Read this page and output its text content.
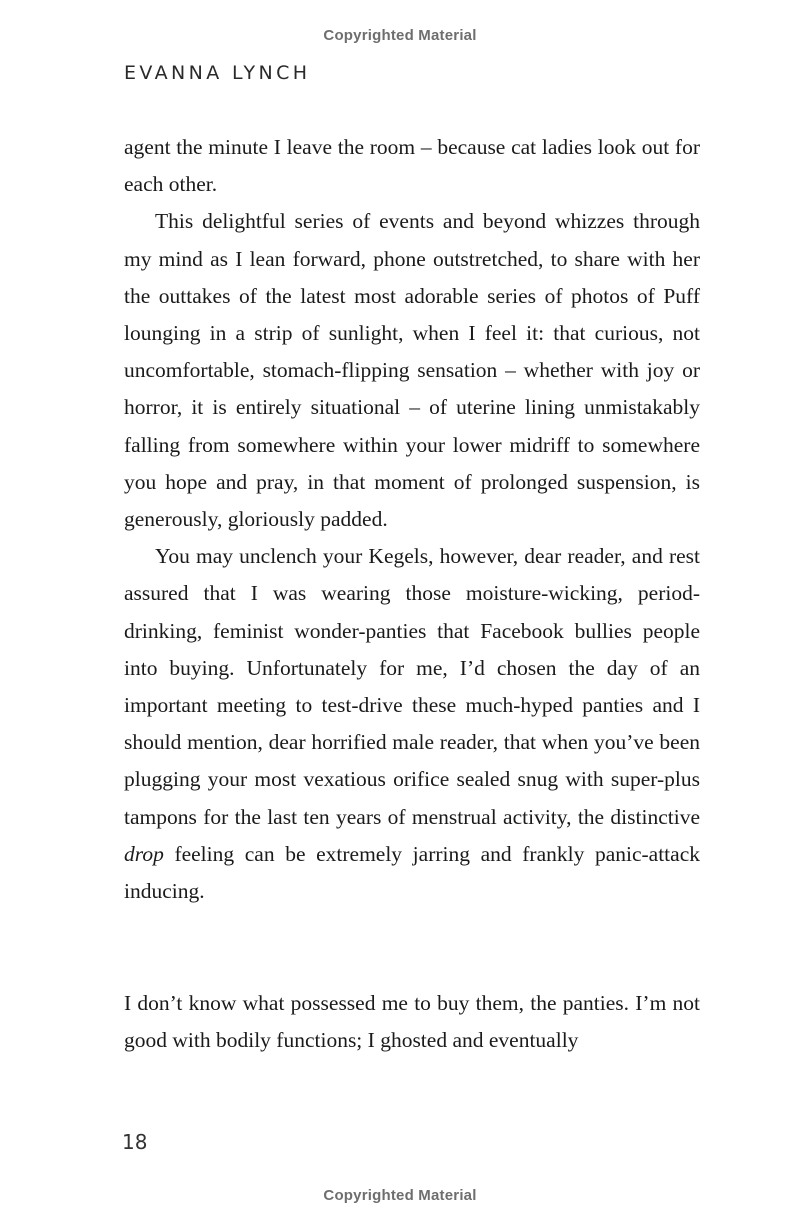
Copyrighted Material
EVANNA LYNCH

agent the minute I leave the room – because cat ladies look out for each other.

This delightful series of events and beyond whizzes through my mind as I lean forward, phone outstretched, to share with her the outtakes of the latest most adorable series of photos of Puff lounging in a strip of sunlight, when I feel it: that curious, not uncomfortable, stomach-flipping sensation – whether with joy or horror, it is entirely situational – of uterine lining unmistakably falling from somewhere within your lower midriff to somewhere you hope and pray, in that moment of prolonged suspension, is generously, gloriously padded.

You may unclench your Kegels, however, dear reader, and rest assured that I was wearing those moisture-wicking, period-drinking, feminist wonder-panties that Facebook bullies people into buying. Unfortunately for me, I’d chosen the day of an important meeting to test-drive these much-hyped panties and I should mention, dear horrified male reader, that when you’ve been plugging your most vexatious orifice sealed snug with super-plus tampons for the last ten years of menstrual activity, the distinctive drop feeling can be extremely jarring and frankly panic-attack inducing.

I don’t know what possessed me to buy them, the panties. I’m not good with bodily functions; I ghosted and eventually

18
Copyrighted Material
